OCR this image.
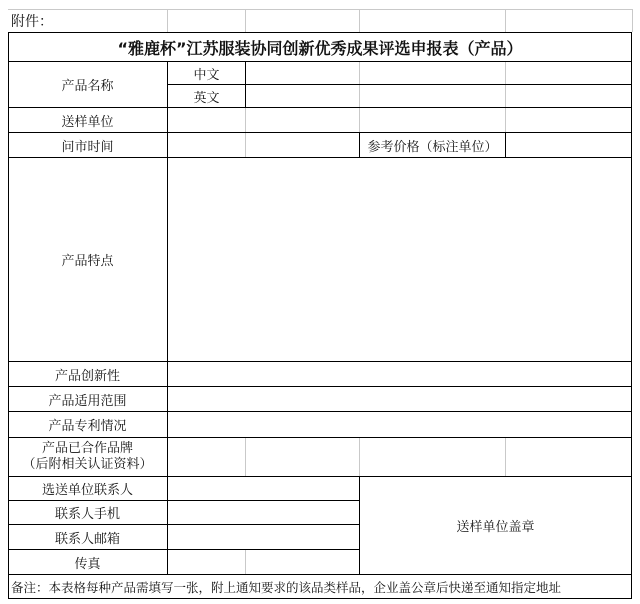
附件：
“雅鹿杯”江苏服装协同创新优秀成果评选申报表（产品）
产品名称
中文
英文
送样单位
问市时间	参考价格（标注单位）
产品特点
产品创新性
产品适用范围
产品专利情况
产品已合作品牌
（后附相关认证资料）
选送单位联系人
联系人手机
联系人邮箱
传真
送样单位盖章
备注：本表格每种产品需填写一张，附上通知要求的该品类样品，企业盖公章后快递至通知指定地址
